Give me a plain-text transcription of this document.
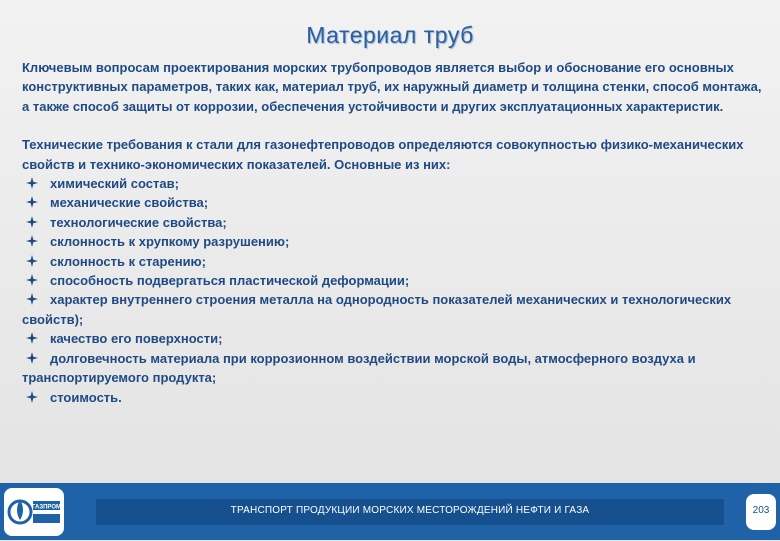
Материал труб

Ключевым вопросам проектирования морских трубопроводов является выбор и обоснование его основных конструктивных параметров, таких как, материал труб, их наружный диаметр и толщина стенки, способ монтажа, а также способ защиты от коррозии, обеспечения устойчивости и других эксплуатационных характеристик.

Технические требования к стали для газонефтепроводов определяются совокупностью физико-механических свойств и технико-экономических показателей. Основные из них:

химический состав;
механические свойства;
технологические свойства;
склонность к хрупкому разрушению;
склонность к старению;
способность подвергаться пластической деформации;
характер внутреннего строения металла на однородность показателей механических и технологических свойств);
качество его поверхности;
долговечность материала при коррозионном воздействии морской воды, атмосферного воздуха и транспортируемого продукта;
стоимость.
ТРАНСПОРТ ПРОДУКЦИИ МОРСКИХ МЕСТОРОЖДЕНИЙ НЕФТИ И ГАЗА
ГАЗПРОМ	203
